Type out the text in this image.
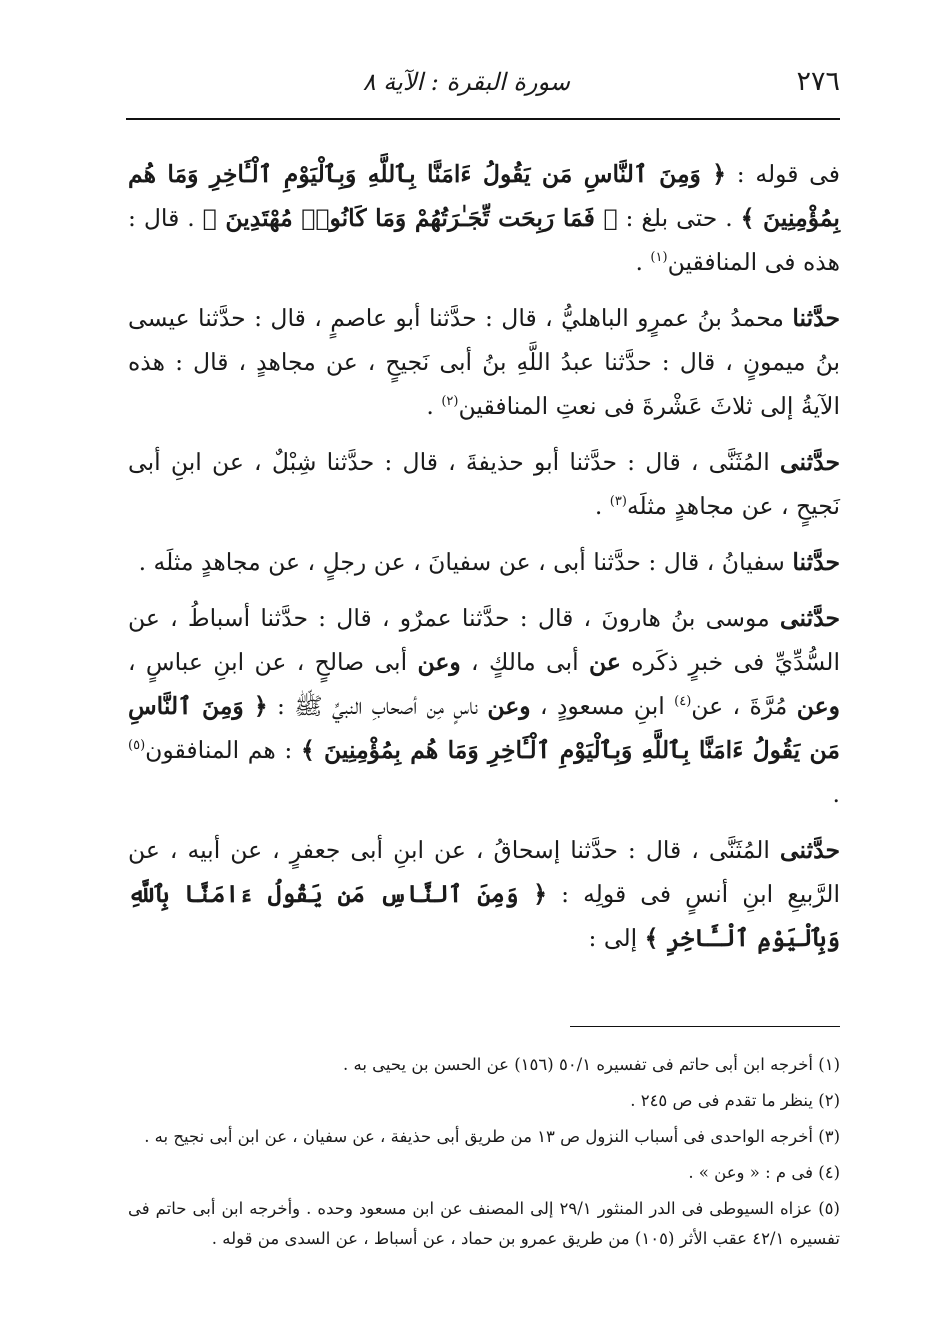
٢٧٦
سورة البقرة : الآية ٨

فى قوله : ﴿ وَمِنَ ٱلنَّاسِ مَن يَقُولُ ءَامَنَّا بِٱللَّهِ وَبِٱلْيَوْمِ ٱلْـَٔاخِرِ وَمَا هُم بِمُؤْمِنِينَ ﴾ . حتى بلغ : ﴿ فَمَا رَبِحَت تِّجَـٰرَتُهُمْ وَمَا كَانُوا۟ مُهْتَدِينَ ﴾ . قال : هذه فى المنافقين$^{(١)}$ .

حدَّثنا محمدُ بنُ عمرٍو الباهليُّ ، قال : حدَّثنا أبو عاصمٍ ، قال : حدَّثنا عيسى بنُ ميمونٍ ، قال : حدَّثنا عبدُ اللَّهِ بنُ أبى نَجيحٍ ، عن مجاهدٍ ، قال : هذه الآيةُ إلى ثلاثَ عَشْرةَ فى نعتِ المنافقين$^{(٢)}$ .

حدَّثنى المُثَنَّى ، قال : حدَّثنا أبو حذيفةَ ، قال : حدَّثنا شِبْلٌ ، عن ابنِ أبى نَجيحٍ ، عن مجاهدٍ مثلَه$^{(٣)}$ .

حدَّثنا سفيانُ ، قال : حدَّثنا أبى ، عن سفيانَ ، عن رجلٍ ، عن مجاهدٍ مثلَه .

حدَّثنى موسى بنُ هارونَ ، قال : حدَّثنا عمرٌو ، قال : حدَّثنا أسباطُ ، عن السُّدِّيِّ فى خبرٍ ذكَره عن أبى مالكٍ ، وعن أبى صالحٍ ، عن ابنِ عباسٍ ، وعن مُرَّةَ ، عن$^{(٤)}$ ابنِ مسعودٍ ، وعن ناسٍ مِن أصحابِ النبيِّ ﷺ : ﴿ وَمِنَ ٱلنَّاسِ مَن يَقُولُ ءَامَنَّا بِٱللَّهِ وَبِٱلْيَوْمِ ٱلْـَٔاخِرِ وَمَا هُم بِمُؤْمِنِينَ ﴾ : هم المنافقون$^{(٥)}$ .

حدَّثنى المُثَنَّى ، قال : حدَّثنا إسحاقُ ، عن ابنِ أبى جعفرٍ ، عن أبيه ، عن الرَّبيعِ ابنِ أنسٍ فى قولِه : ﴿ وَمِنَ ٱلنَّاسِ مَن يَقُولُ ءَامَنَّا بِٱللَّهِ وَبِٱلْيَوْمِ ٱلْـَٔاخِرِ ﴾ إلى :

(١) أخرجه ابن أبى حاتم فى تفسيره ٥٠/١ (١٥٦) عن الحسن بن يحيى به .

(٢) ينظر ما تقدم فى ص ٢٤٥ .

(٣) أخرجه الواحدى فى أسباب النزول ص ١٣ من طريق أبى حذيفة ، عن سفيان ، عن ابن أبى نجيح به .

(٤) فى م : « وعن » .

(٥) عزاه السيوطى فى الدر المنثور ٢٩/١ إلى المصنف عن ابن مسعود وحده . وأخرجه ابن أبى حاتم فى تفسيره ٤٢/١ عقب الأثر (١٠٥) من طريق عمرو بن حماد ، عن أسباط ، عن السدى من قوله .
